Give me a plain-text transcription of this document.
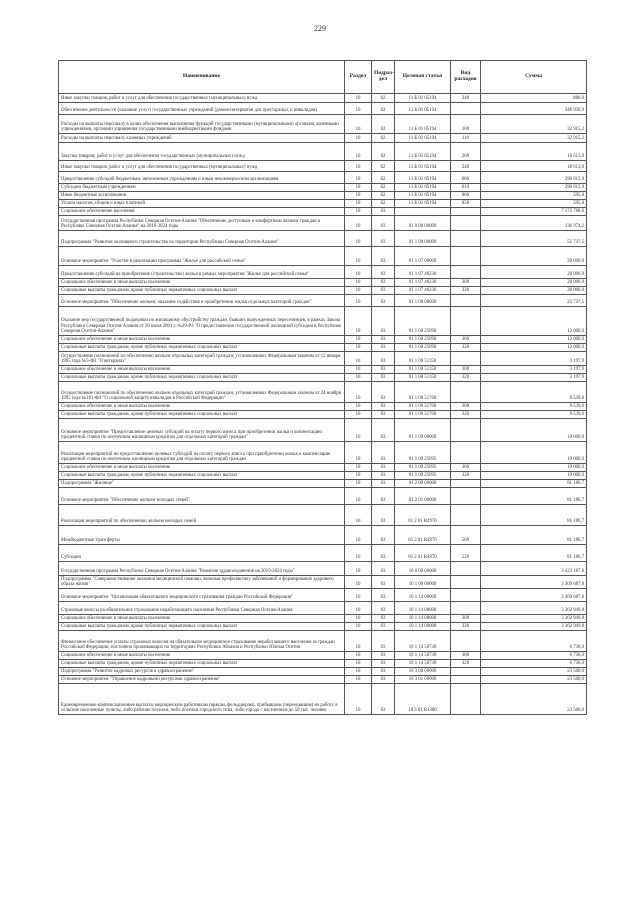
229
Наименование	Раздел	Подраз-дел	Целевая статья	Вид расходов	Сумма
Иные закупки товаров, работ и услуг для обеспечения государственных (муниципальных) нужд	10	02	11 Б 01 05194	240	886,0
Обеспечение деятельности (оказание услуг) государственных учреждений (домов-интернатов для престарелых и инвалидов)	10	02	11 Б 01 05194		348 939,9
Расходы на выплаты персоналу в целях обеспечения выполнения функций государственными (муниципальными) органами, казенными учреждениями, органами управления государственными внебюджетными фондами	10	02	11 Б 01 05194	100	32 915,2
Расходы на выплаты персоналу казенных учреждений	10	02	11 Б 01 05194	110	32 915,2
Закупка товаров, работ и услуг для обеспечения государственных (муниципальных) нужд	10	02	11 Б 01 05194	200	18 613,0
Иные закупки товаров, работ и услуг для обеспечения государственных (муниципальных) нужд	10	02	11 Б 01 05194	240	18 613,0
Предоставление субсидий бюджетным, автономным учреждениям и иным некоммерческим организациям	10	02	11 Б 01 05194	600	296 815,9
Субсидии бюджетным учреждениям	10	02	11 Б 01 05194	610	296 815,9
Иные бюджетные ассигнования	10	02	11 Б 01 05194	800	595,8
Уплата налогов, сборов и иных платежей	10	02	11 Б 01 05194	850	595,8
Социальное обеспечение населения	10	03			7 173 788,0
Государственная программа Республики Северная Осетия-Алания "Обеспечение доступным и комфортным жильем граждан в Республике Северная Осетия-Алания" на 2016-2024 годы	10	03	01 0 00 00000		136 974,2
Подпрограмма "Развитие жилищного строительства на территории Республики Северная Осетия-Алания"	10	03	01 1 00 00000		55 737,5
Основное мероприятие "Участие в реализации программы "Жилье для российской семьи"	10	03	01 1 07 00000		20 000,0
Предоставление субсидий на приобретение (строительство) жилья в рамках мероприятия "Жилье для российской семьи"	10	03	01 1 07 40236		20 000,0
Социальное обеспечение и иные выплаты населению	10	03	01 1 07 40236	300	20 000,0
Социальные выплаты гражданам, кроме публичных нормативных социальных выплат	10	03	01 1 07 40236	320	20 000,0
Основное мероприятие "Обеспечение жильем, оказание содействия в приобретении жилья отдельных категорий граждан"	10	03	01 1 08 00000		23 737,5
Оказание мер государственной поддержки по жилищному обустройству граждан, бывших вынужденных переселенцев, в рамках Закона Республики Северная Осетия-Алания от 30 июля 2001 г. №29-РЗ "О предоставлении государственной жилищной субсидии в Республике Северная Осетия-Алания"	10	03	01 1 08 25090		12 000,0
Социальное обеспечение и иные выплаты населению	10	03	01 1 08 25090	300	12 000,0
Социальные выплаты гражданам, кроме публичных нормативных социальных выплат	10	03	01 1 08 25090	320	12 000,0
Осуществление полномочий по обеспечению жильем отдельных категорий граждан, установленных Федеральным законом от 12 января 1995 года №5-ФЗ "О ветеранах"	10	03	01 1 08 51350		3 197,9
Социальное обеспечение и иные выплаты населению	10	03	01 1 08 51350	300	3 197,9
Социальные выплаты гражданам, кроме публичных нормативных социальных выплат	10	03	01 1 08 51350	320	3 197,9
Осуществление полномочий по обеспечению жильем отдельных категорий граждан, установленных Федеральным законом от 24 ноября 1995 года №181-ФЗ "О социальной защите инвалидов в Российской Федерации"	10	03	01 1 08 51760		8 539,6
Социальное обеспечение и иные выплаты населению	10	03	01 1 08 51760	300	8 539,6
Социальные выплаты гражданам, кроме публичных нормативных социальных выплат	10	03	01 1 08 51760	320	8 539,6
Основное мероприятие "Предоставление целевых субсидий на оплату первого взноса при приобретении жилья и компенсацию процентной ставки по ипотечным жилищным кредитам для отдельных категорий граждан"	10	03	01 1 09 00000		10 000,0
Реализация мероприятий по предоставлению целевых субсидий на оплату первого взноса при приобретении жилья и компенсацию процентной ставки по ипотечным жилищным кредитам для отдельных категорий граждан	10	03	01 1 09 25095		10 000,0
Социальное обеспечение и иные выплаты населению	10	03	01 1 09 25095	300	10 000,0
Социальные выплаты гражданам, кроме публичных нормативных социальных выплат	10	03	01 1 09 25095	320	10 000,0
Подпрограмма "Жилище"	10	03	01 2 00 00000		81 186,7
Основное мероприятие "Обеспечение жильем молодых семей"	10	03	01 2 01 00000		81 186,7
Реализация мероприятий по обеспечению жильем молодых семей	10	03	01 2 01 R4970		81 186,7
Межбюджетные трансферты	10	03	01 2 01 R4970	500	81 186,7
Субсидии	10	03	01 2 01 R4970	520	81 186,7
Государственная программа Республики Северная Осетия-Алания "Развитие здравоохранения на 2019-2024 годы"	10	03	10 0 00 00000		3 423 187,8
Подпрограмма "Совершенствование оказания медицинской помощи, включая профилактику заболеваний и формирование здорового образа жизни"	10	03	10 1 00 00000		3 369 687,8
Основное мероприятие "Организация обязательного медицинского страхования граждан Российской Федерации"	10	03	10 1 14 00000		3 369 687,8
Страховые взносы на обязательное страхование неработающего населения Республики Северная Осетия-Алания	10	03	10 1 14 00008		3 362 949,8
Социальное обеспечение и иные выплаты населению	10	03	10 1 14 00008	300	3 362 949,8
Социальные выплаты гражданам, кроме публичных нормативных социальных выплат	10	03	10 1 14 00008	320	3 362 949,8
Финансовое обеспечение уплаты страховых взносов на обязательное медицинское страхование неработающего населения за граждан Российской Федерации, постоянно проживающих на территориях Республики Абхазия и Республики Южная Осетия	10	03	10 1 14 50730		6 738,0
Социальное обеспечение и иные выплаты населению	10	03	10 1 14 50730	300	6 738,0
Социальные выплаты гражданам, кроме публичных нормативных социальных выплат	10	03	10 1 14 50730	320	6 738,0
Подпрограмма "Развитие кадровых ресурсов в здравоохранении"	10	03	10 3 00 00000		23 500,0
Основное мероприятие "Управление кадровыми ресурсами здравоохранения"	10	03	10 3 01 00000		23 500,0
Единовременные компенсационные выплаты медицинским работникам (врачам, фельдшерам), прибывшим (переехавшим) на работу в сельские населенные пункты, либо рабочие поселки, либо поселки городского типа, либо города с населением до 50 тыс. человек	10	03	10 3 01 R1380		23 500,0
